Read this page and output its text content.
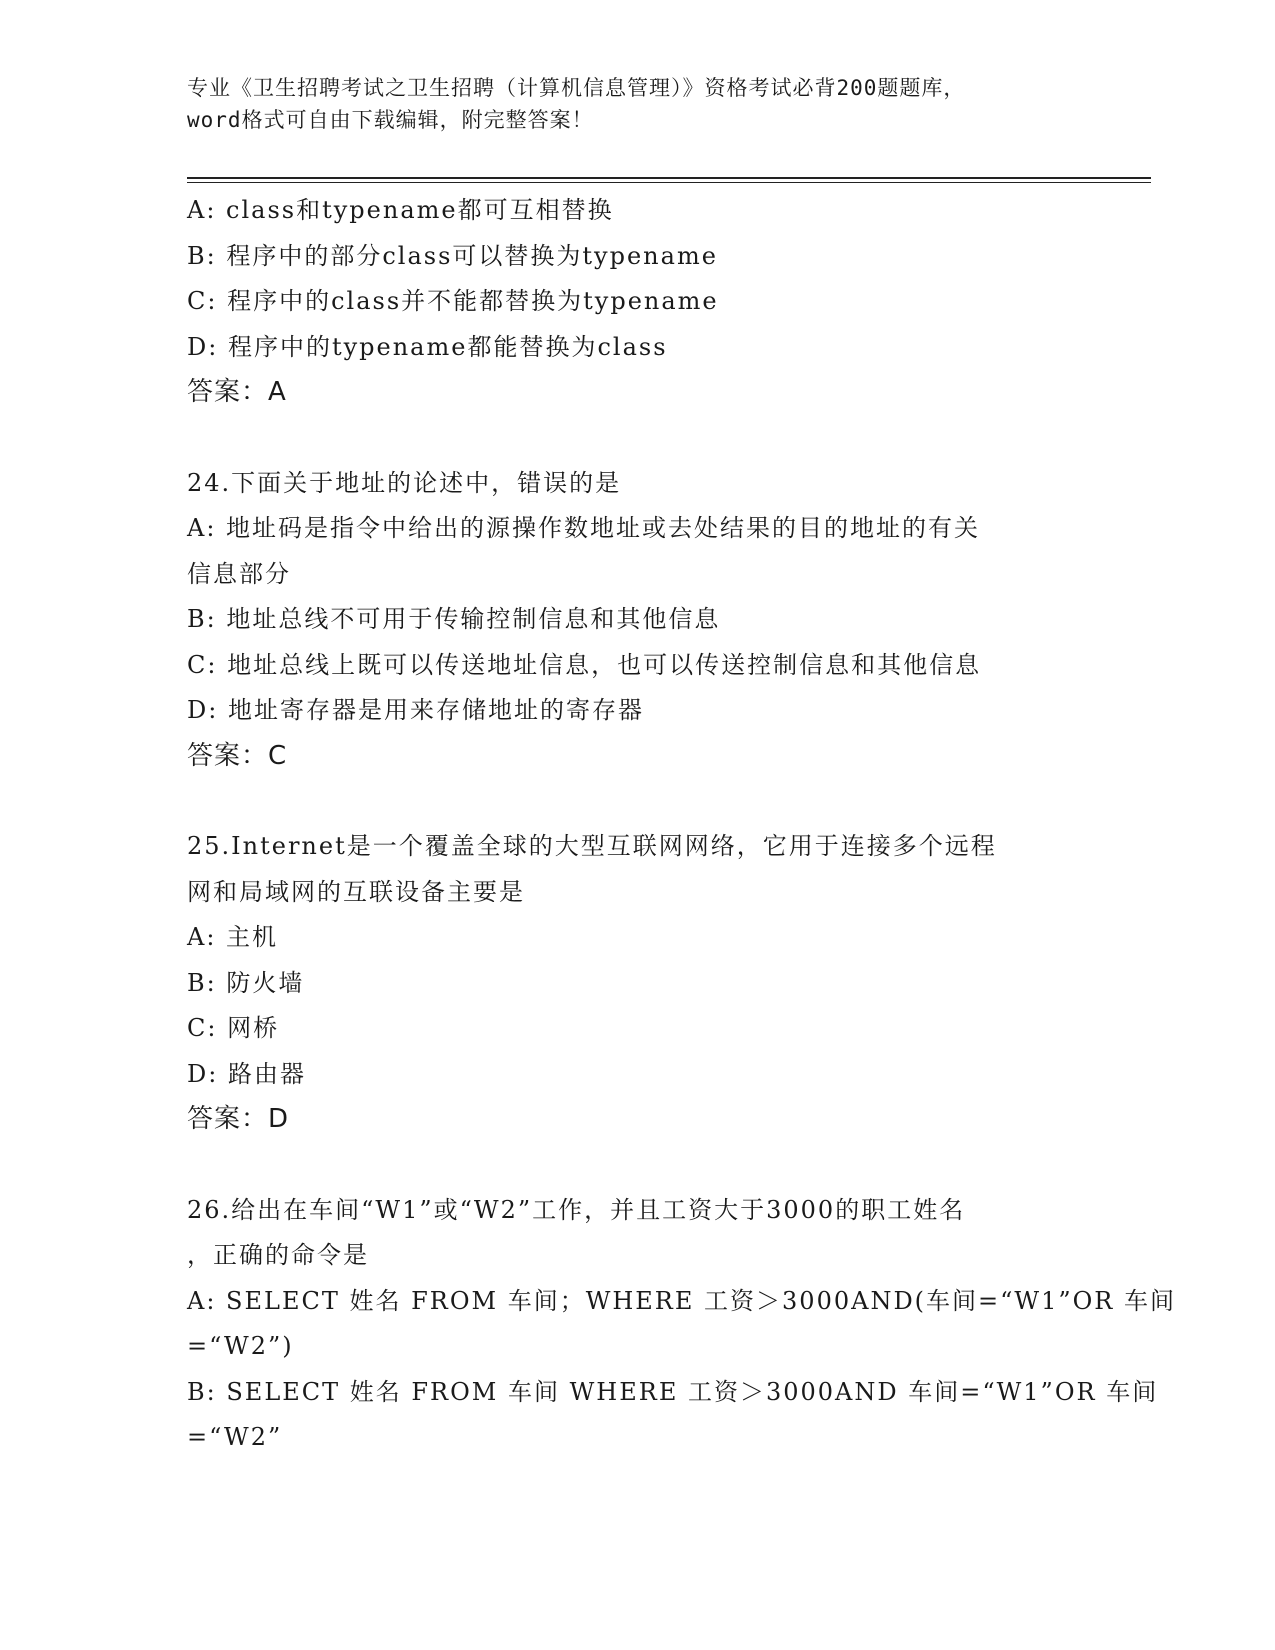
专业《卫生招聘考试之卫生招聘（计算机信息管理）》资格考试必背200题题库，
word格式可自由下载编辑，附完整答案！
A: class和typename都可互相替换
B: 程序中的部分class可以替换为typename
C: 程序中的class并不能都替换为typename
D: 程序中的typename都能替换为class
答案：A
24.下面关于地址的论述中，错误的是
A: 地址码是指令中给出的源操作数地址或去处结果的目的地址的有关
信息部分
B: 地址总线不可用于传输控制信息和其他信息
C: 地址总线上既可以传送地址信息，也可以传送控制信息和其他信息
D: 地址寄存器是用来存储地址的寄存器
答案：C
25.Internet是一个覆盖全球的大型互联网网络，它用于连接多个远程
网和局域网的互联设备主要是
A: 主机
B: 防火墙
C: 网桥
D: 路由器
答案：D
26.给出在车间“W1”或“W2”工作，并且工资大于3000的职工姓名
，正确的命令是
A: SELECT 姓名 FROM 车间；WHERE 工资＞3000AND(车间=“W1”OR 车间
=“W2”)
B: SELECT 姓名 FROM 车间 WHERE 工资＞3000AND 车间=“W1”OR 车间
=“W2”
